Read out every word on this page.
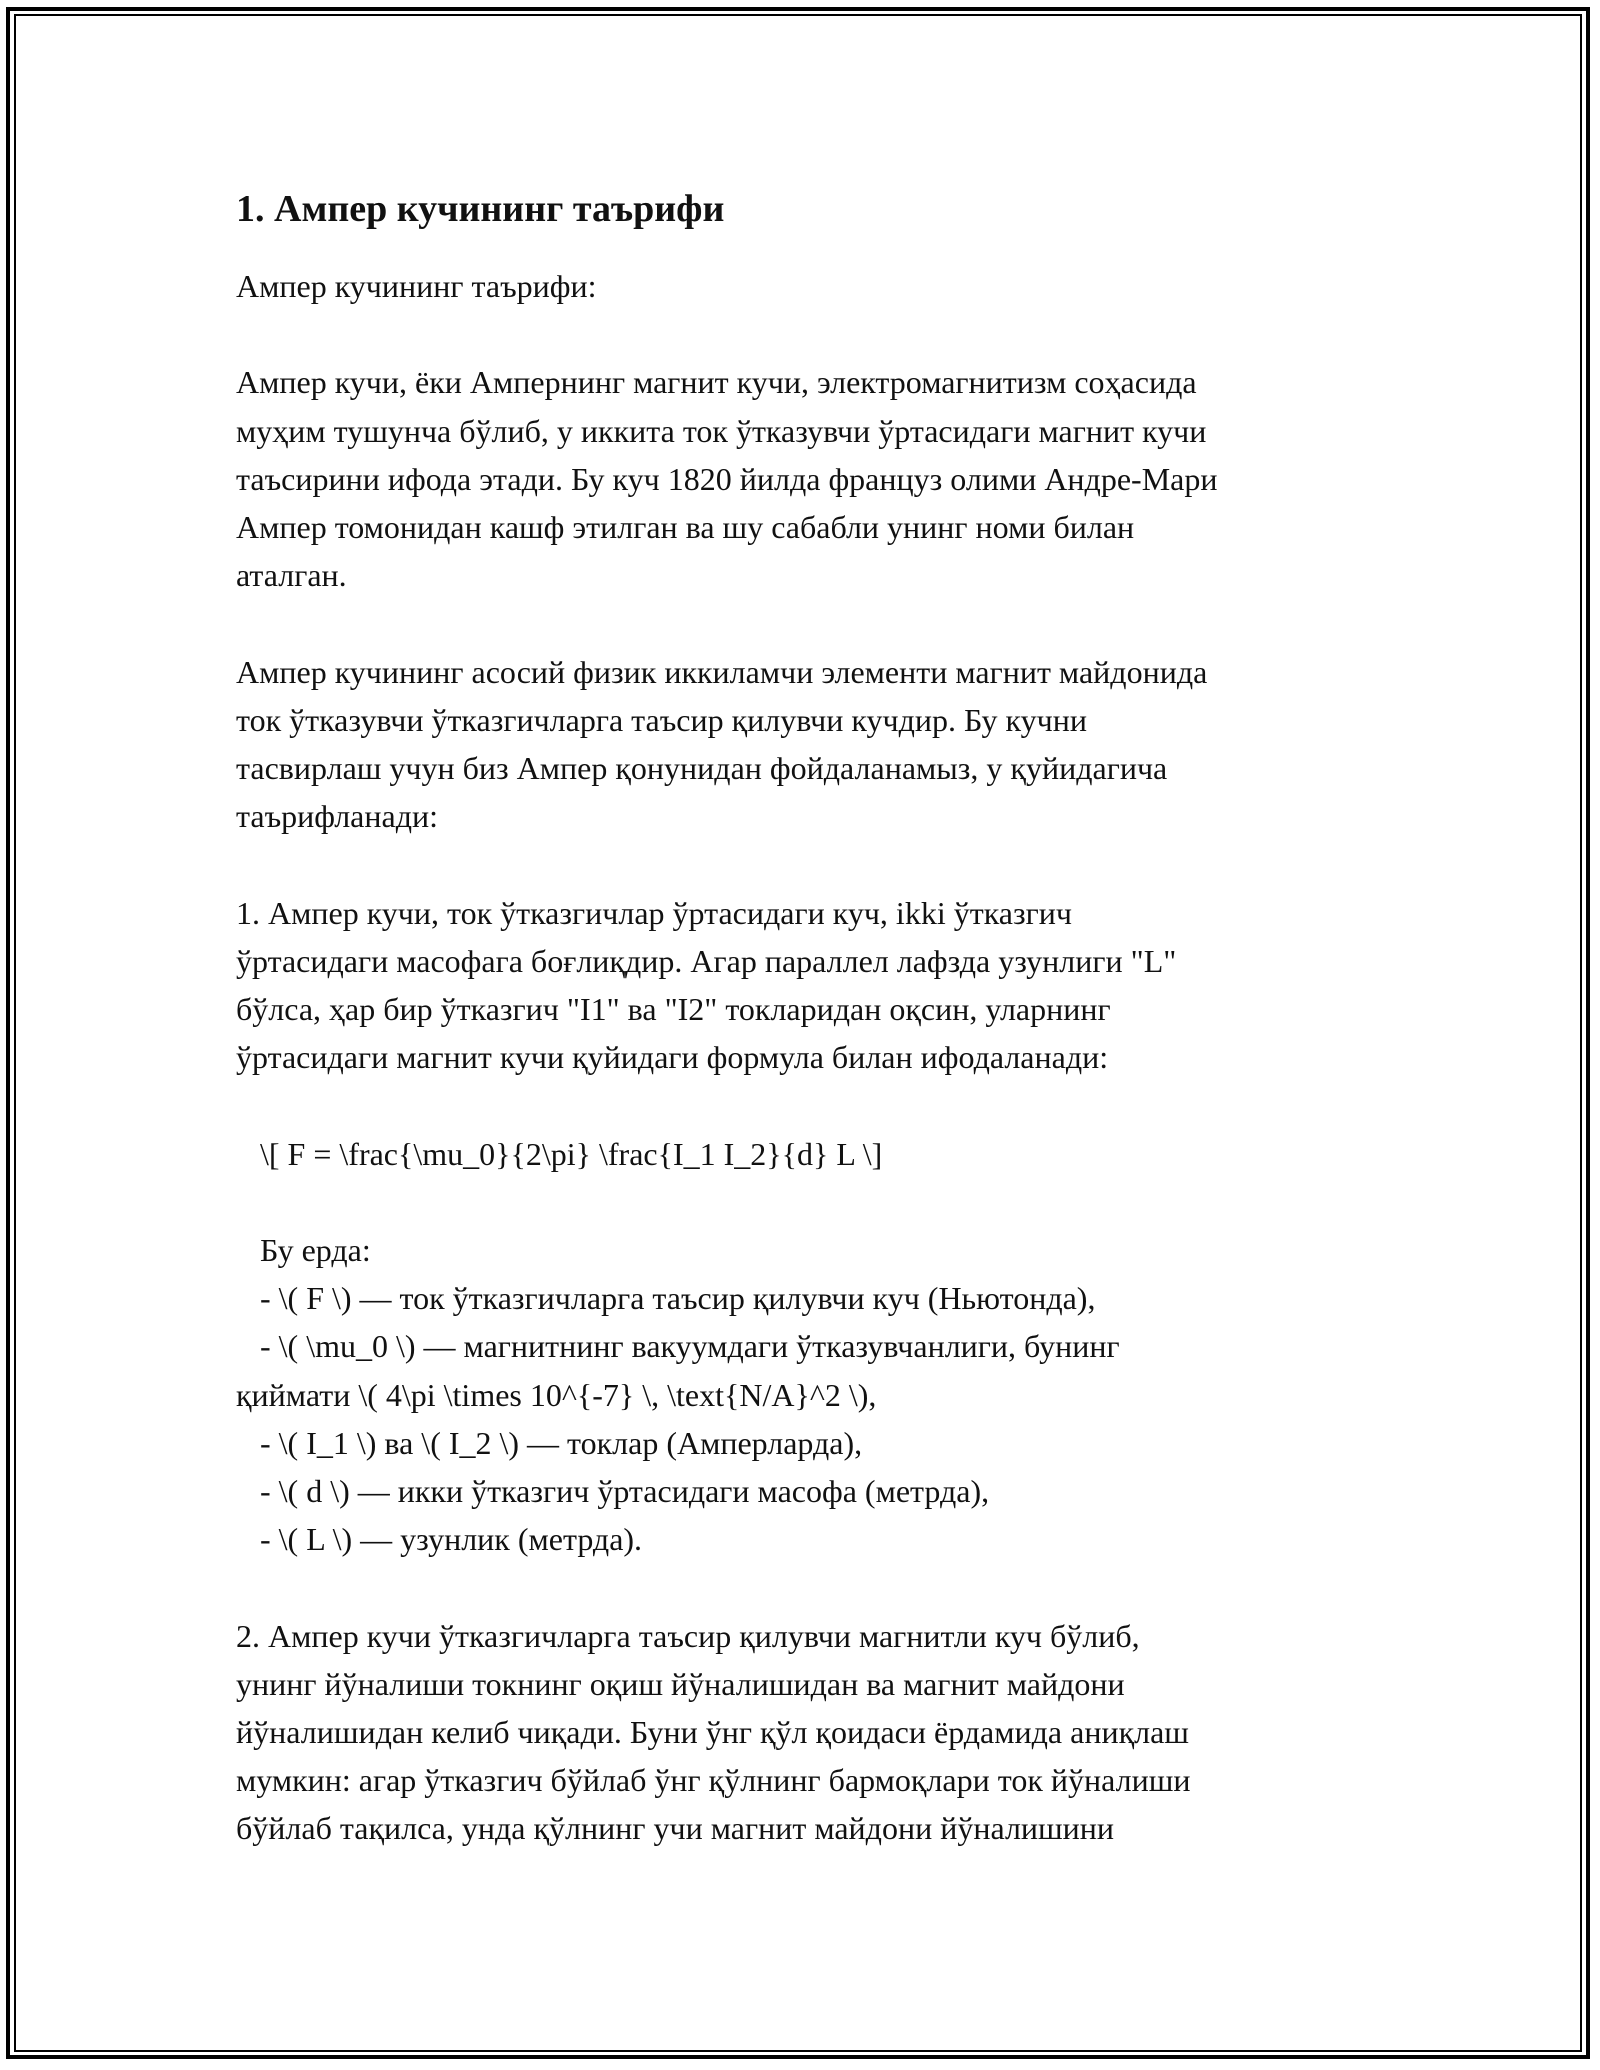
1. Ампер кучининг таърифи
Ампер кучининг таърифи:
Ампер кучи, ёки Ампернинг магнит кучи, электромагнитизм соҳасида
муҳим тушунча бўлиб, у иккита ток ўтказувчи ўртасидаги магнит кучи
таъсирини ифода этади. Бу куч 1820 йилда француз олими Андре-Мари
Ампер томонидан кашф этилган ва шу сабабли унинг номи билан
аталган.
Ампер кучининг асосий физик иккиламчи элементи магнит майдонида
ток ўтказувчи ўтказгичларга таъсир қилувчи кучдир. Бу кучни
тасвирлаш учун биз Ампер қонунидан фойдаланамыз, у қуйидагича
таърифланади:
1. Ампер кучи, ток ўтказгичлар ўртасидаги куч, ikki ўтказгич
ўртасидаги масофага боғлиқдир. Агар параллел лафзда узунлиги "L"
бўлса, ҳар бир ўтказгич "I1" ва "I2" токларидан оқсин, уларнинг
ўртасидаги магнит кучи қуйидаги формула билан ифодаланади:
\[ F = \frac{\mu_0}{2\pi} \frac{I_1 I_2}{d} L \]
Бу ерда:
- \( F \) — ток ўтказгичларга таъсир қилувчи куч (Ньютонда),
- \( \mu_0 \) — магнитнинг вакуумдаги ўтказувчанлиги, бунинг
қиймати \( 4\pi \times 10^{-7} \, \text{N/A}^2 \),
- \( I_1 \) ва \( I_2 \) — токлар (Амперларда),
- \( d \) — икки ўтказгич ўртасидаги масофа (метрда),
- \( L \) — узунлик (метрда).
2. Ампер кучи ўтказгичларга таъсир қилувчи магнитли куч бўлиб,
унинг йўналиши токнинг оқиш йўналишидан ва магнит майдони
йўналишидан келиб чиқади. Буни ўнг қўл қоидаси ёрдамида аниқлаш
мумкин: агар ўтказгич бўйлаб ўнг қўлнинг бармоқлари ток йўналиши
бўйлаб тақилса, унда қўлнинг учи магнит майдони йўналишини
